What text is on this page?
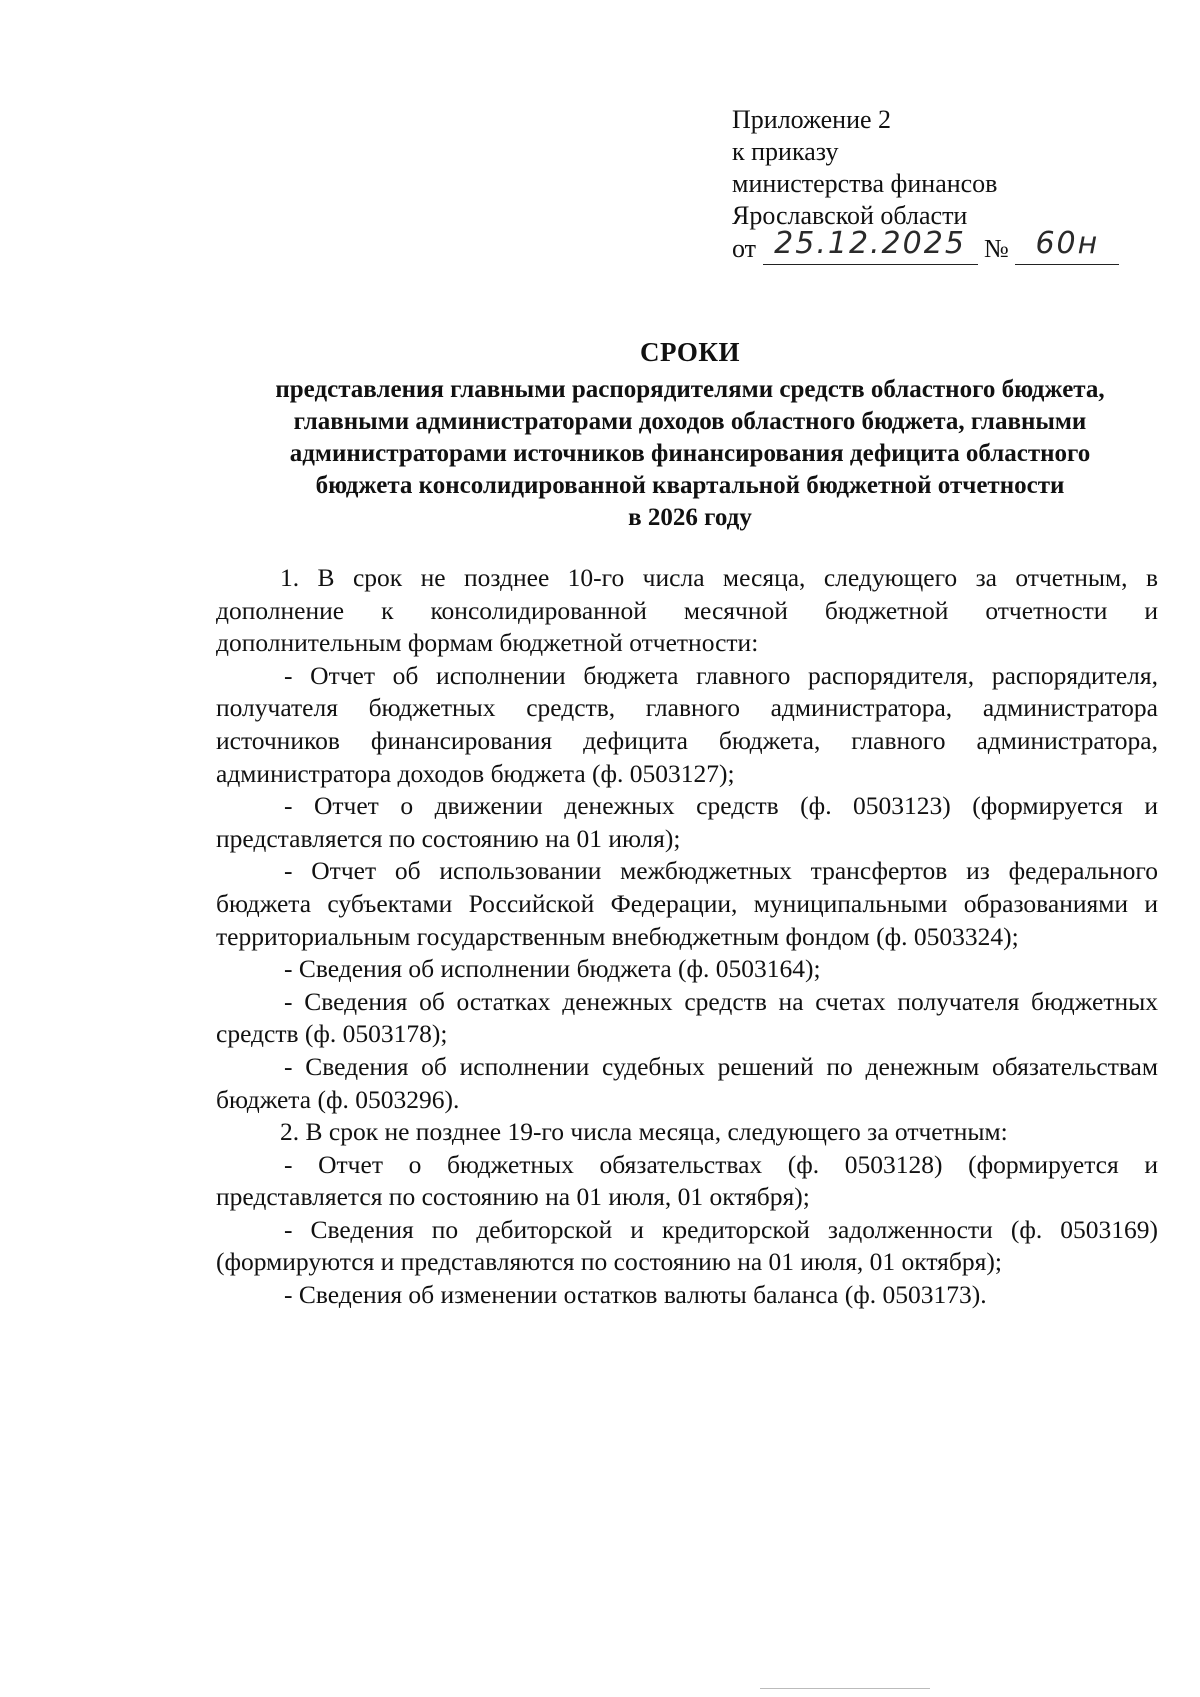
Приложение 2
к приказу
министерства финансов
Ярославской области
от 25.12.2025 № 60н
СРОКИ
представления главными распорядителями средств областного бюджета,
главными администраторами доходов областного бюджета, главными
администраторами источников финансирования дефицита областного
бюджета консолидированной квартальной бюджетной отчетности
в 2026 году

1. В срок не позднее 10-го числа месяца, следующего за отчетным, в дополнение к консолидированной месячной бюджетной отчетности и дополнительным формам бюджетной отчетности:

- Отчет об исполнении бюджета главного распорядителя, распорядителя, получателя бюджетных средств, главного администратора, администратора источников финансирования дефицита бюджета, главного администратора, администратора доходов бюджета (ф. 0503127);

- Отчет о движении денежных средств (ф. 0503123) (формируется и представляется по состоянию на 01 июля);

- Отчет об использовании межбюджетных трансфертов из федерального бюджета субъектами Российской Федерации, муниципальными образованиями и территориальным государственным внебюджетным фондом (ф. 0503324);

- Сведения об исполнении бюджета (ф. 0503164);

- Сведения об остатках денежных средств на счетах получателя бюджетных средств (ф. 0503178);

- Сведения об исполнении судебных решений по денежным обязательствам бюджета (ф. 0503296).

2. В срок не позднее 19-го числа месяца, следующего за отчетным:

- Отчет о бюджетных обязательствах (ф. 0503128) (формируется и представляется по состоянию на 01 июля, 01 октября);

- Сведения по дебиторской и кредиторской задолженности (ф. 0503169) (формируются и представляются по состоянию на 01 июля, 01 октября);

- Сведения об изменении остатков валюты баланса (ф. 0503173).
